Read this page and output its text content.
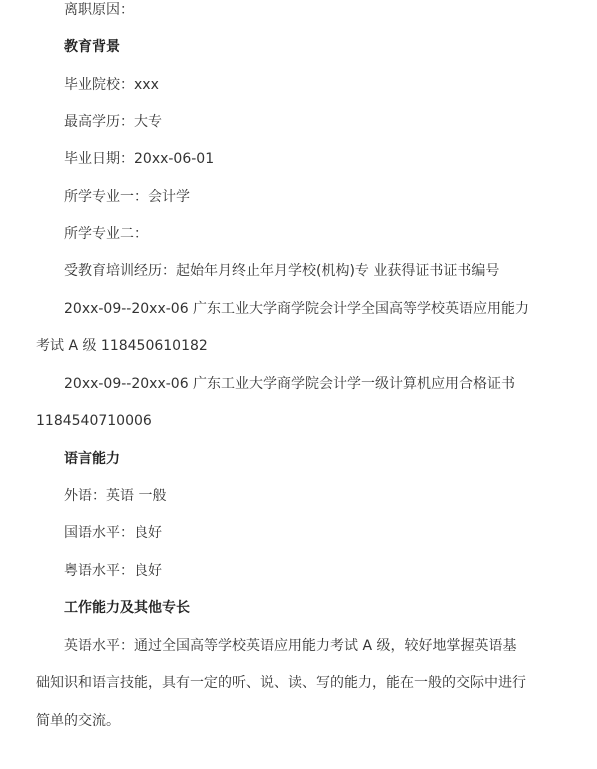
离职原因：
教育背景
毕业院校：xxx
最高学历：大专
毕业日期：20xx-06-01
所学专业一：会计学
所学专业二：
受教育培训经历：起始年月终止年月学校(机构)专 业获得证书证书编号
20xx-09--20xx-06 广东工业大学商学院会计学全国高等学校英语应用能力
考试 A 级 118450610182
20xx-09--20xx-06 广东工业大学商学院会计学一级计算机应用合格证书
1184540710006
语言能力
外语：英语 一般
国语水平：良好
粤语水平：良好
工作能力及其他专长
英语水平：通过全国高等学校英语应用能力考试 A 级，较好地掌握英语基
础知识和语言技能，具有一定的听、说、读、写的能力，能在一般的交际中进行
简单的交流。
